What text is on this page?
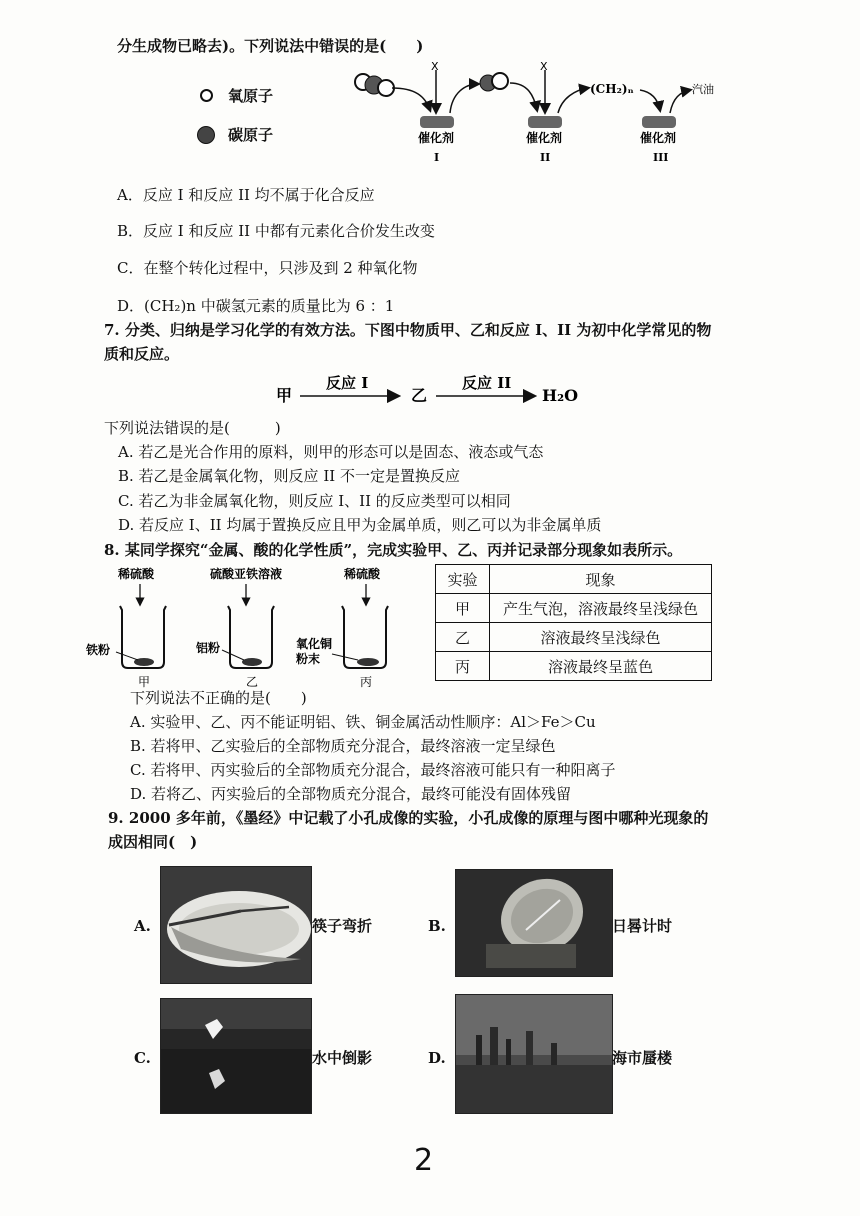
分生成物已略去)。下列说法中错误的是(　　)
氧原子
碳原子
X	X
(CH₂)ₙ	汽油
催化剂	催化剂	催化剂
I	II	III
A．反应 I 和反应 II 均不属于化合反应
B．反应 I 和反应 II 中都有元素化合价发生改变
C．在整个转化过程中，只涉及到 2 种氧化物
D．(CH₂)n 中碳氢元素的质量比为 6 ：1
7. 分类、归纳是学习化学的有效方法。下图中物质甲、乙和反应 I、II 为初中化学常见的物
质和反应。
甲
反应 I
乙
反应 II
H₂O
下列说法错误的是(　　　)
A. 若乙是光合作用的原料，则甲的形态可以是固态、液态或气态
B. 若乙是金属氧化物，则反应 II 不一定是置换反应
C. 若乙为非金属氧化物，则反应 I、II 的反应类型可以相同
D. 若反应 I、II 均属于置换反应且甲为金属单质，则乙可以为非金属单质
8. 某同学探究“金属、酸的化学性质”，完成实验甲、乙、丙并记录部分现象如表所示。
稀硫酸	硫酸亚铁溶液	稀硫酸
铁粉	铝粉	氧化铜
粉末
甲	乙	丙
实验	现象
甲	产生气泡，溶液最终呈浅绿色
乙	溶液最终呈浅绿色
丙	溶液最终呈蓝色
下列说法不正确的是(　　)
A. 实验甲、乙、丙不能证明铝、铁、铜金属活动性顺序：Al＞Fe＞Cu
B. 若将甲、乙实验后的全部物质充分混合，最终溶液一定呈绿色
C. 若将甲、丙实验后的全部物质充分混合，最终溶液可能只有一种阳离子
D. 若将乙、丙实验后的全部物质充分混合，最终可能没有固体残留
9. 2000 多年前，《墨经》中记载了小孔成像的实验，小孔成像的原理与图中哪种光现象的
成因相同(　)
A.	筷子弯折	B.	日晷计时
C.	水中倒影	D.	海市蜃楼
2
